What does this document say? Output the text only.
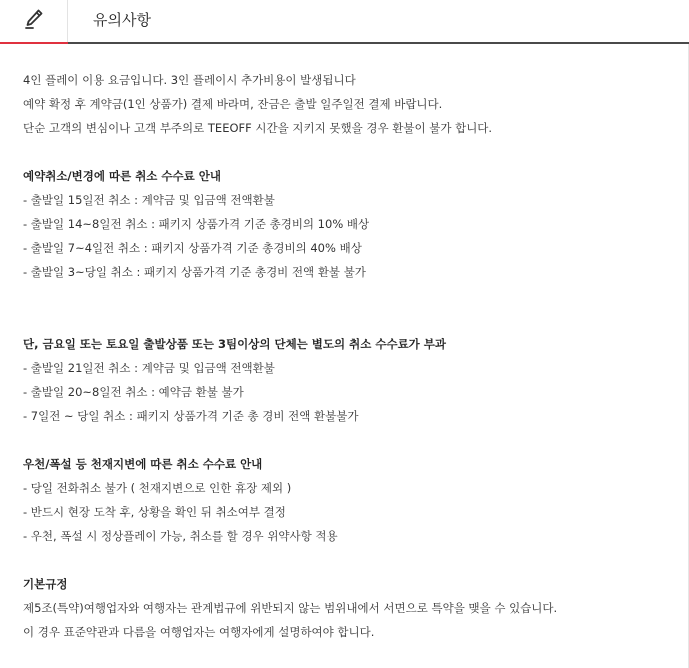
유의사항
4인 플레이 이용 요금입니다. 3인 플레이시 추가비용이 발생됩니다
예약 확정 후 계약금(1인 상품가) 결제 바라며, 잔금은 출발 일주일전 결제 바랍니다.
단순 고객의 변심이나 고객 부주의로 TEEOFF 시간을 지키지 못했을 경우 환불이 불가 합니다.
예약취소/변경에 따른 취소 수수료 안내
- 출발일 15일전 취소 : 계약금 및 입금액 전액환불
- 출발일 14~8일전 취소 : 패키지 상품가격 기준 총경비의 10% 배상
- 출발일 7~4일전 취소 : 패키지 상품가격 기준 총경비의 40% 배상
- 출발일 3~당일 취소 : 패키지 상품가격 기준 총경비 전액 환불 불가
단, 금요일 또는 토요일 출발상품 또는 3팀이상의 단체는 별도의 취소 수수료가 부과
- 출발일 21일전 취소 : 계약금 및 입금액 전액환불
- 출발일 20~8일전 취소 : 예약금 환불 불가
- 7일전 ~ 당일 취소 : 패키지 상품가격 기준 총 경비 전액 환불불가
우천/폭설 등 천재지변에 따른 취소 수수료 안내
- 당일 전화취소 불가 ( 천재지변으로 인한 휴장 제외 )
- 반드시 현장 도착 후, 상황을 확인 뒤 취소여부 결정
- 우천, 폭설 시 정상플레이 가능, 취소를 할 경우 위약사항 적용
기본규정
제5조(특약)여행업자와 여행자는 관계법규에 위반되지 않는 범위내에서 서면으로 특약을 맺을 수 있습니다.
이 경우 표준약관과 다름을 여행업자는 여행자에게 설명하여야 합니다.
